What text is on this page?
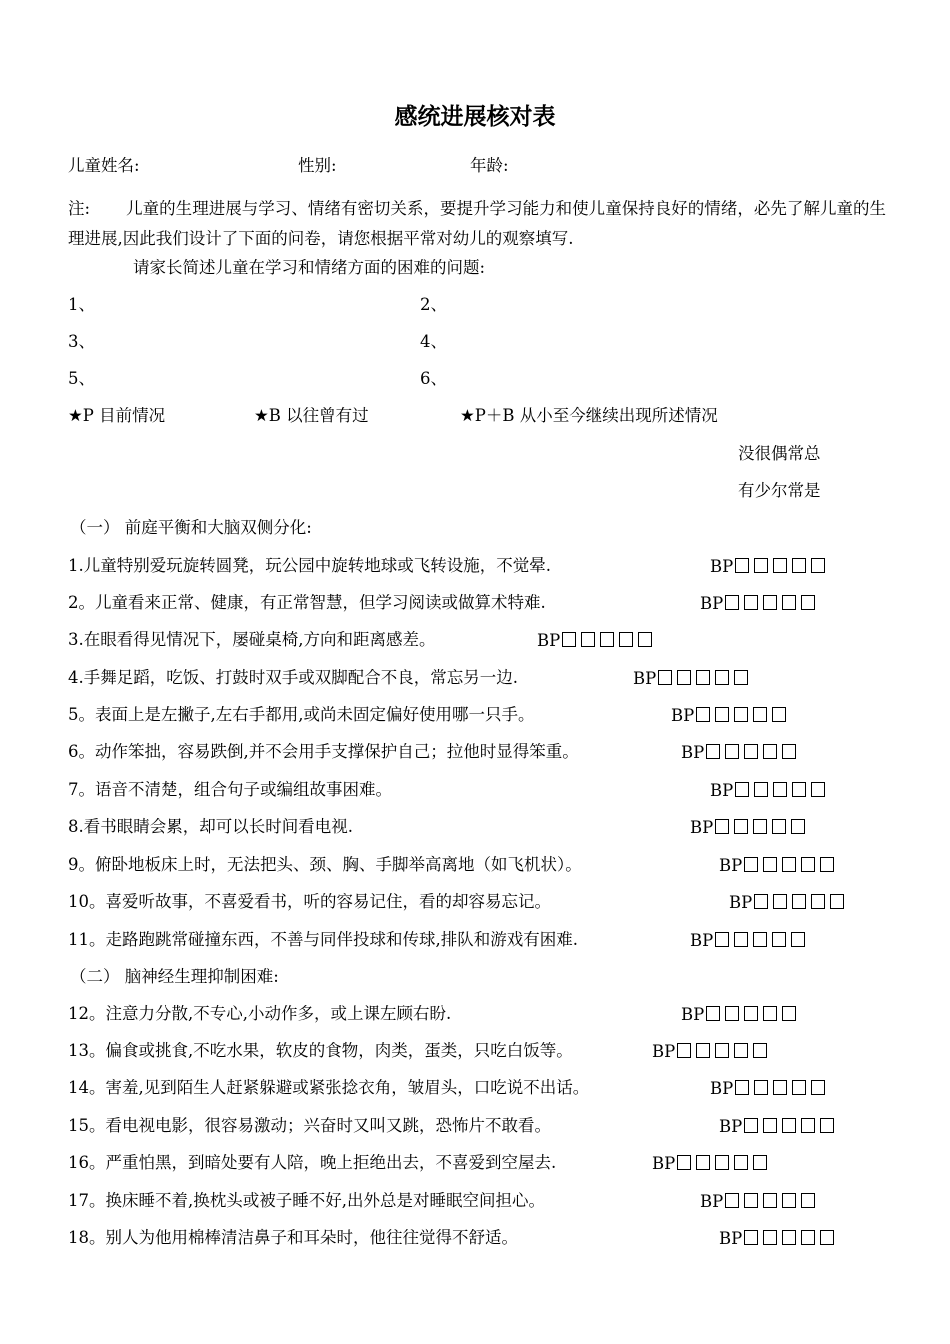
感统进展核对表
儿童姓名:	性别:	年龄:
注: 儿童的生理进展与学习、情绪有密切关系，要提升学习能力和使儿童保持良好的情绪，必先了解儿童的生理进展,因此我们设计了下面的问卷，请您根据平常对幼儿的观察填写.
请家长简述儿童在学习和情绪方面的困难的问题:
1、	2、
3、	4、
5、	6、
★P 目前情况	★B 以往曾有过	★P＋B 从小至今继续出现所述情况
没很偶常总
有少尔常是
（一） 前庭平衡和大脑双侧分化:
（二） 脑神经生理抑制困难:
1.儿童特别爱玩旋转圆凳，玩公园中旋转地球或飞转设施，不觉晕.	BP
2。儿童看来正常、健康，有正常智慧，但学习阅读或做算术特难.	BP
3.在眼看得见情况下，屡碰桌椅,方向和距离感差。	BP
4.手舞足蹈，吃饭、打鼓时双手或双脚配合不良，常忘另一边.	BP
5。表面上是左撇子,左右手都用,或尚未固定偏好使用哪一只手。	BP
6。动作笨拙，容易跌倒,并不会用手支撑保护自己；拉他时显得笨重。	BP
7。语音不清楚，组合句子或编组故事困难。	BP
8.看书眼睛会累，却可以长时间看电视.	BP
9。俯卧地板床上时，无法把头、颈、胸、手脚举高离地（如飞机状）。	BP
10。喜爱听故事，不喜爱看书，听的容易记住，看的却容易忘记。	BP
11。走路跑跳常碰撞东西，不善与同伴投球和传球,排队和游戏有困难.	BP
12。注意力分散,不专心,小动作多，或上课左顾右盼.	BP
13。偏食或挑食,不吃水果，软皮的食物，肉类，蛋类，只吃白饭等。	BP
14。害羞,见到陌生人赶紧躲避或紧张捻衣角，皱眉头，口吃说不出话。	BP
15。看电视电影，很容易激动；兴奋时又叫又跳，恐怖片不敢看。	BP
16。严重怕黑，到暗处要有人陪，晚上拒绝出去，不喜爱到空屋去.	BP
17。换床睡不着,换枕头或被子睡不好,出外总是对睡眠空间担心。	BP
18。别人为他用棉棒清洁鼻子和耳朵时，他往往觉得不舒适。	BP
